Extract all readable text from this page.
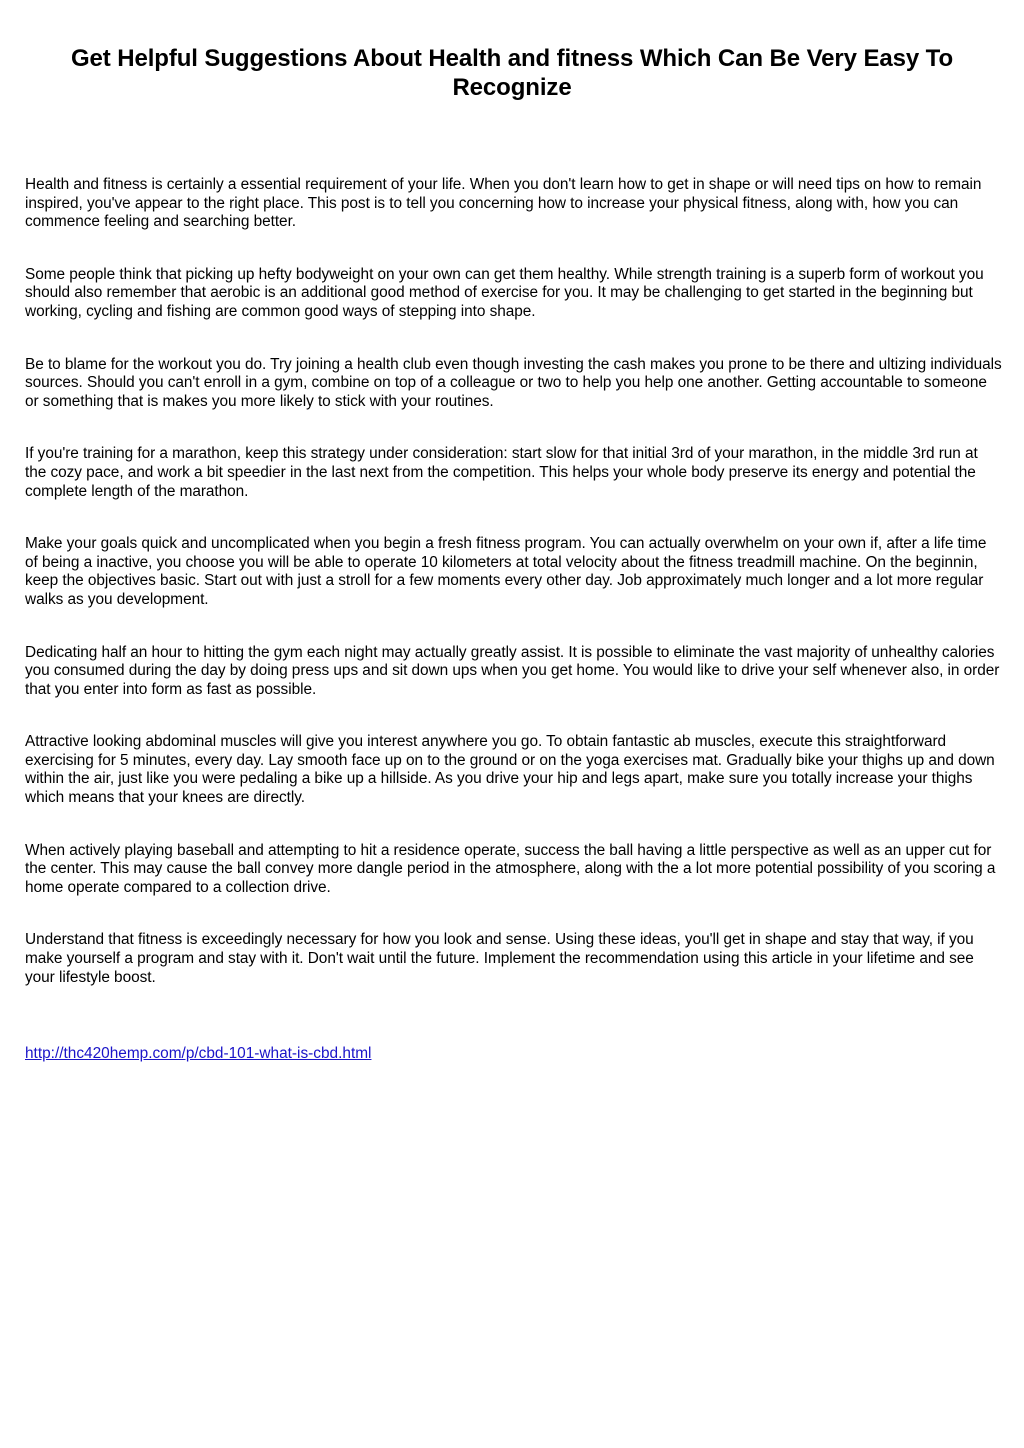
Get Helpful Suggestions About Health and fitness Which Can Be Very Easy To Recognize

Health and fitness is certainly a essential requirement of your life. When you don't learn how to get in shape or will need tips on how to remain inspired, you've appear to the right place. This post is to tell you concerning how to increase your physical fitness, along with, how you can commence feeling and searching better.

Some people think that picking up hefty bodyweight on your own can get them healthy. While strength training is a superb form of workout you should also remember that aerobic is an additional good method of exercise for you. It may be challenging to get started in the beginning but working, cycling and fishing are common good ways of stepping into shape.

Be to blame for the workout you do. Try joining a health club even though investing the cash makes you prone to be there and ultizing individuals sources. Should you can't enroll in a gym, combine on top of a colleague or two to help you help one another. Getting accountable to someone or something that is makes you more likely to stick with your routines.

If you're training for a marathon, keep this strategy under consideration: start slow for that initial 3rd of your marathon, in the middle 3rd run at the cozy pace, and work a bit speedier in the last next from the competition. This helps your whole body preserve its energy and potential the complete length of the marathon.

Make your goals quick and uncomplicated when you begin a fresh fitness program. You can actually overwhelm on your own if, after a life time of being a inactive, you choose you will be able to operate 10 kilometers at total velocity about the fitness treadmill machine. On the beginnin, keep the objectives basic. Start out with just a stroll for a few moments every other day. Job approximately much longer and a lot more regular walks as you development.

Dedicating half an hour to hitting the gym each night may actually greatly assist. It is possible to eliminate the vast majority of unhealthy calories you consumed during the day by doing press ups and sit down ups when you get home. You would like to drive your self whenever also, in order that you enter into form as fast as possible.

Attractive looking abdominal muscles will give you interest anywhere you go. To obtain fantastic ab muscles, execute this straightforward exercising for 5 minutes, every day. Lay smooth face up on to the ground or on the yoga exercises mat. Gradually bike your thighs up and down within the air, just like you were pedaling a bike up a hillside. As you drive your hip and legs apart, make sure you totally increase your thighs which means that your knees are directly.

When actively playing baseball and attempting to hit a residence operate, success the ball having a little perspective as well as an upper cut for the center. This may cause the ball convey more dangle period in the atmosphere, along with the a lot more potential possibility of you scoring a home operate compared to a collection drive.

Understand that fitness is exceedingly necessary for how you look and sense. Using these ideas, you'll get in shape and stay that way, if you make yourself a program and stay with it. Don't wait until the future. Implement the recommendation using this article in your lifetime and see your lifestyle boost.

http://thc420hemp.com/p/cbd-101-what-is-cbd.html
